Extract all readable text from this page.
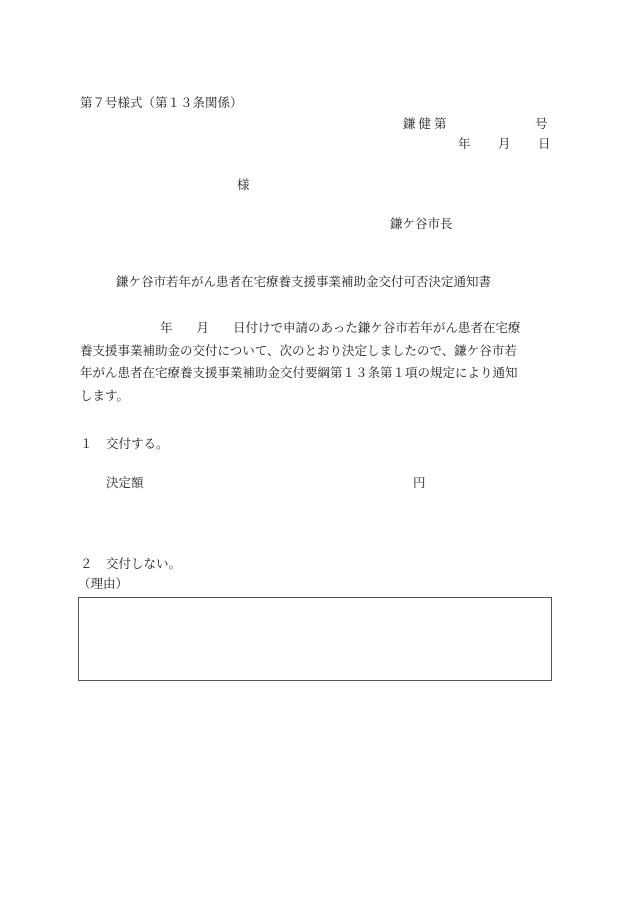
第７号様式（第１３条関係）
鎌健第	号
年 月 日
様
鎌ケ谷市長
鎌ケ谷市若年がん患者在宅療養支援事業補助金交付可否決定通知書
年 月 日付けで申請のあった鎌ケ谷市若年がん患者在宅療
養支援事業補助金の交付について、次のとおり決定しましたので、鎌ケ谷市若
年がん患者在宅療養支援事業補助金交付要綱第１３条第１項の規定により通知
します。
１ 交付する。
決定額	円
２ 交付しない。
（理由）
